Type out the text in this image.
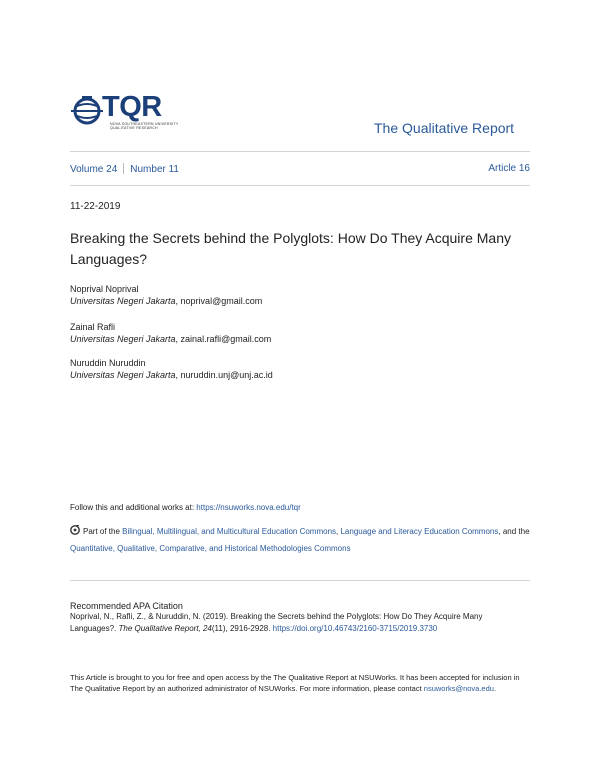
TQR
NOVA SOUTHEASTERN UNIVERSITY
QUALITATIVE RESEARCH	The Qualitative Report
Volume 24 Number 11	Article 16
11-22-2019
Breaking the Secrets behind the Polyglots: How Do They Acquire Many Languages?
Noprival Noprival
Universitas Negeri Jakarta, noprival@gmail.com
Zainal Rafli
Universitas Negeri Jakarta, zainal.rafli@gmail.com
Nuruddin Nuruddin
Universitas Negeri Jakarta, nuruddin.unj@unj.ac.id
Follow this and additional works at: https://nsuworks.nova.edu/tqr
Part of the Bilingual, Multilingual, and Multicultural Education Commons, Language and Literacy Education Commons, and the Quantitative, Qualitative, Comparative, and Historical Methodologies Commons
Recommended APA Citation
Noprival, N., Rafli, Z., & Nuruddin, N. (2019). Breaking the Secrets behind the Polyglots: How Do They Acquire Many Languages?. The Qualitative Report, 24(11), 2916-2928. https://doi.org/10.46743/2160-3715/2019.3730
This Article is brought to you for free and open access by the The Qualitative Report at NSUWorks. It has been accepted for inclusion in The Qualitative Report by an authorized administrator of NSUWorks. For more information, please contact nsuworks@nova.edu.
